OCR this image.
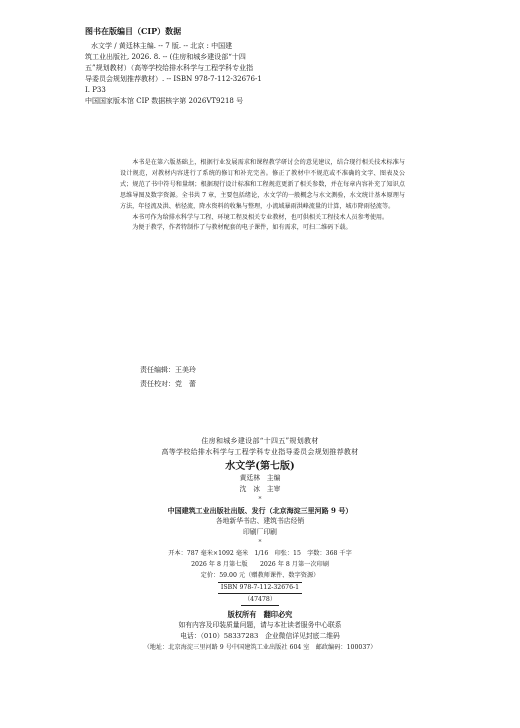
图书在版编目（CIP）数据

水文学 / 黄廷林主编. -- 7 版. -- 北京 : 中国建

筑工业出版社, 2026. 8. -- (住房和城乡建设部“十四

五”规划教材）（高等学校给排水科学与工程学科专业指

导委员会规划推荐教材）. -- ISBN 978-7-112-32676-1

Ⅰ. P33

中国国家版本馆 CIP 数据核字第 2026VT9218 号

本书是在第六版基础上，根据行业发展需求和课程教学研讨会的意见建议，结合现行相关技术标准与设计规范，对教材内容进行了系统的修订和补充完善。修正了教材中不规范或不准确的文字、图表及公式；规范了书中符号和量纲；根据现行设计标准和工程规范更新了相关参数，并在每章内容补充了知识点思维导图及数字资源。全书共 7 章，主要包括绪论，水文学的一般概念与水文测验，水文统计基本原理与方法，年径流及洪、枯径流，降水资料的收集与整理，小流域暴雨洪峰流量的计算，城市降雨径流等。

本书可作为给排水科学与工程、环境工程及相关专业教材，也可供相关工程技术人员参考使用。

为便于教学，作者特制作了与教材配套的电子课件，如有需求，可扫二维码下载。

责任编辑：王美玲
责任校对：党　蕾
住房和城乡建设部“十四五”规划教材
高等学校给排水科学与工程学科专业指导委员会规划推荐教材
水文学(第七版)
黄廷林　主编
沈　冰　主审
*
中国建筑工业出版社出版、发行（北京海淀三里河路 9 号）
各地新华书店、建筑书店经销
印刷厂印刷
*
开本：787 毫米×1092 毫米　1/16　印张：15　字数：368 千字
2026 年 8 月第七版　　2026 年 8 月第一次印刷
定价：59.00 元（赠教师课件、数字资源）
ISBN 978-7-112-32676-1
（47478）
版权所有　翻印必究
如有内容及印装质量问题，请与本社读者服务中心联系
电话：（010）58337283　企业微信详见封底二维码
（地址：北京海淀三里河路 9 号中国建筑工业出版社 604 室　邮政编码：100037）
